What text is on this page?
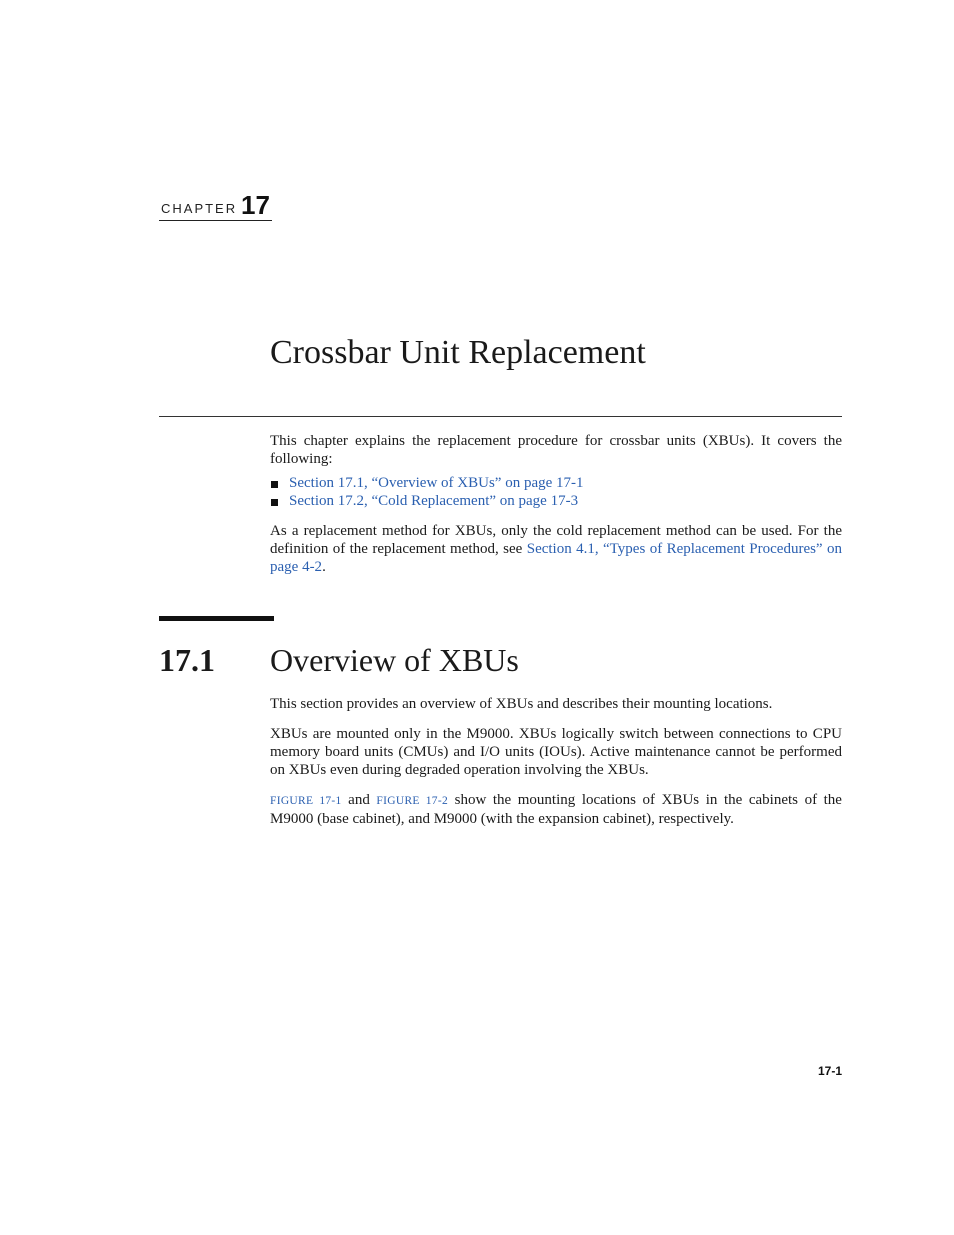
CHAPTER 17
Crossbar Unit Replacement

This chapter explains the replacement procedure for crossbar units (XBUs). It covers the following:

Section 17.1, “Overview of XBUs” on page 17-1
Section 17.2, “Cold Replacement” on page 17-3

As a replacement method for XBUs, only the cold replacement method can be used. For the definition of the replacement method, see Section 4.1, “Types of Replacement Procedures” on page 4-2.

17.1 Overview of XBUs

This section provides an overview of XBUs and describes their mounting locations.

XBUs are mounted only in the M9000. XBUs logically switch between connections to CPU memory board units (CMUs) and I/O units (IOUs). Active maintenance cannot be performed on XBUs even during degraded operation involving the XBUs.

FIGURE 17-1 and FIGURE 17-2 show the mounting locations of XBUs in the cabinets of the M9000 (base cabinet), and M9000 (with the expansion cabinet), respectively.

17-1
